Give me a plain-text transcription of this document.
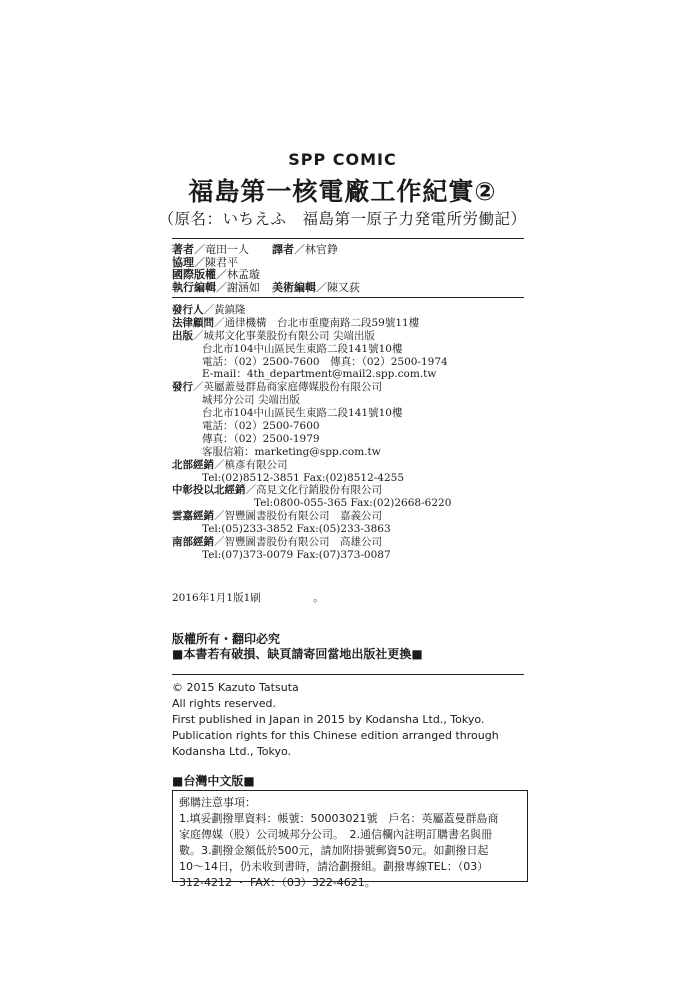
SPP COMIC
福島第一核電廠工作紀實②
（原名：いちえふ　福島第一原子力発電所労働記）
著者／竜田一人 譯者／林官錚
協理／陳君平
國際版權／林孟璇
執行編輯／謝涵如 美術編輯／陳又荻
發行人／黃鎮隆
法律顧問／通律機構　台北市重慶南路二段59號11樓
出版／城邦文化事業股份有限公司 尖端出版
台北市104中山區民生東路二段141號10樓
電話：（02）2500-7600　傳真：（02）2500-1974
E-mail：4th_department@mail2.spp.com.tw
發行／英屬蓋曼群島商家庭傳媒股份有限公司
城邦分公司 尖端出版
台北市104中山區民生東路二段141號10樓
電話：（02）2500-7600
傳真：（02）2500-1979
客服信箱：marketing@spp.com.tw
北部經銷／槙彥有限公司
Tel:(02)8512-3851 Fax:(02)8512-4255
中彰投以北經銷／高見文化行銷股份有限公司
Tel:0800-055-365 Fax:(02)2668-6220
雲嘉經銷／智豐圖書股份有限公司　嘉義公司
Tel:(05)233-3852 Fax:(05)233-3863
南部經銷／智豐圖書股份有限公司　高雄公司
Tel:(07)373-0079 Fax:(07)373-0087
2016年1月1版1刷　　　　　。
版權所有・翻印必究
■本書若有破損、缺頁請寄回當地出版社更換■
© 2015 Kazuto Tatsuta
All rights reserved.
First published in Japan in 2015 by Kodansha Ltd., Tokyo.
Publication rights for this Chinese edition arranged through
Kodansha Ltd., Tokyo.
■台灣中文版■
郵購注意事項：
1.填妥劃撥單資料：帳號：50003021號　戶名：英屬蓋曼群島商
家庭傳媒（股）公司城邦分公司。　2.通信欄內註明訂購書名與冊
數。3.劃撥金額低於500元，請加附掛號郵資50元。如劃撥日起
10～14日，仍未收到書時，請洽劃撥組。劃撥專線TEL：（03）
312-4212 ・ FAX：（03）322-4621。
